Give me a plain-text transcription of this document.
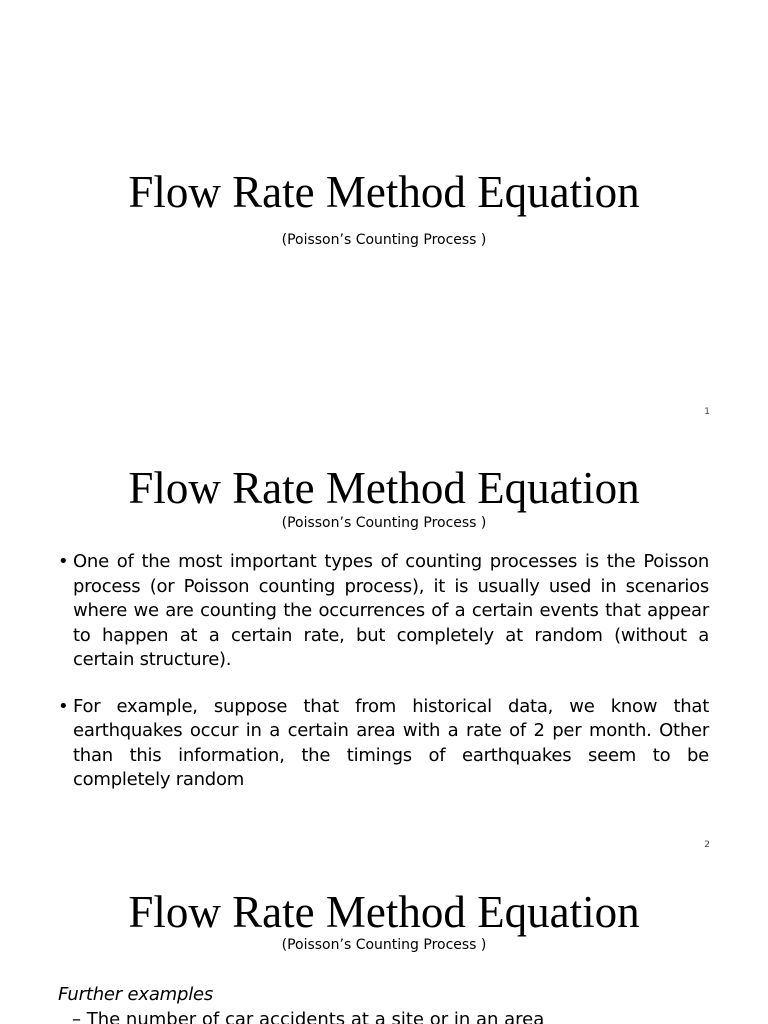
Flow Rate Method Equation
(Poisson’s Counting Process )
1
Flow Rate Method Equation
(Poisson’s Counting Process )
• One of the most important types of counting processes is the Poisson process (or Poisson counting process), it is usually used in scenarios where we are counting the occurrences of a certain events that appear to happen at a certain rate, but completely at random (without a certain structure).
• For example, suppose that from historical data, we know that earthquakes occur in a certain area with a rate of 2 per month. Other than this information, the timings of earthquakes seem to be completely random
2
Flow Rate Method Equation
(Poisson’s Counting Process )
Further examples
– The number of car accidents at a site or in an area
